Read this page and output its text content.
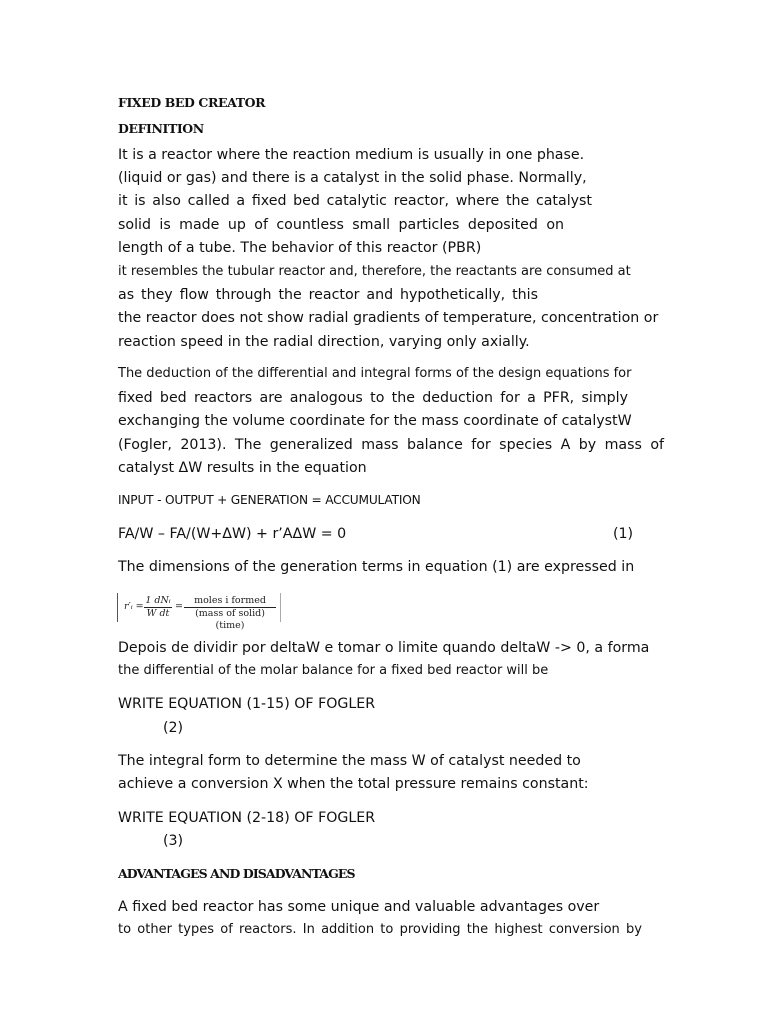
FIXED BED CREATOR
DEFINITION
It is a reactor where the reaction medium is usually in one phase.
(liquid or gas) and there is a catalyst in the solid phase. Normally,
it is also called a fixed bed catalytic reactor, where the catalyst
solid is made up of countless small particles deposited on
length of a tube. The behavior of this reactor (PBR)
it resembles the tubular reactor and, therefore, the reactants are consumed at
as they flow through the reactor and hypothetically, this
the reactor does not show radial gradients of temperature, concentration or
reaction speed in the radial direction, varying only axially.
The deduction of the differential and integral forms of the design equations for
fixed bed reactors are analogous to the deduction for a PFR, simply
exchanging the volume coordinate for the mass coordinate of catalystW
(Fogler, 2013). The generalized mass balance for species A by mass of
catalyst ΔW results in the equation
INPUT - OUTPUT + GENERATION = ACCUMULATION
FA/W – FA/(W+ΔW) + r’AΔW = 0	(1)
The dimensions of the generation terms in equation (1) are expressed in
r′ᵢ =
1 dNᵢ
W dt
=
moles i formed
(mass of solid) (time)
Depois de dividir por deltaW e tomar o limite quando deltaW -> 0, a forma
the differential of the molar balance for a fixed bed reactor will be
WRITE EQUATION (1-15) OF FOGLER
(2)
The integral form to determine the mass W of catalyst needed to
achieve a conversion X when the total pressure remains constant:
WRITE EQUATION (2-18) OF FOGLER
(3)
ADVANTAGES AND DISADVANTAGES
A fixed bed reactor has some unique and valuable advantages over
to other types of reactors. In addition to providing the highest conversion by
